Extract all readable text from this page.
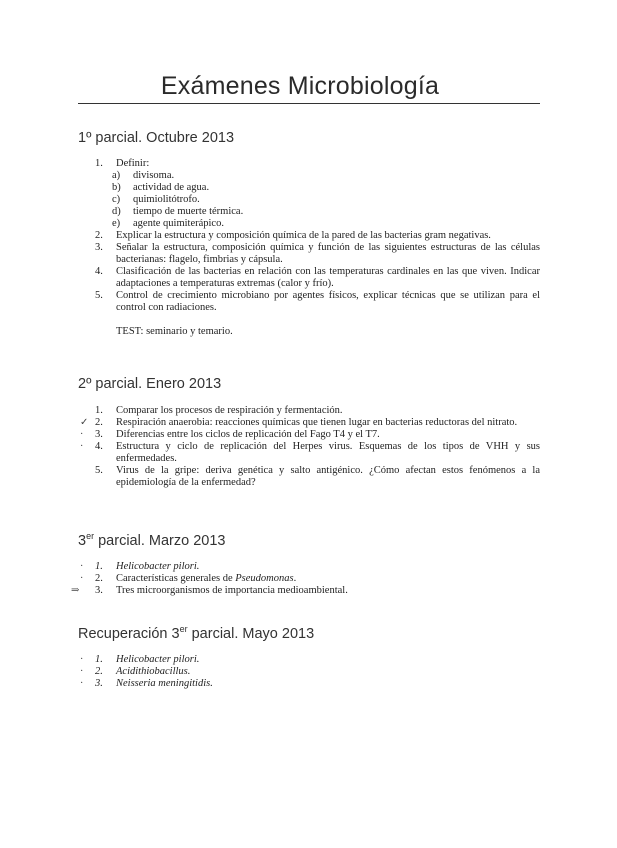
Exámenes Microbiología
1º parcial. Octubre 2013
1. Definir:
a) divisoma.
b) actividad de agua.
c) quimiolitótrofo.
d) tiempo de muerte térmica.
e) agente quimiterápico.
2. Explicar la estructura y composición química de la pared de las bacterias gram negativas.
3. Señalar la estructura, composición química y función de las siguientes estructuras de las células bacterianas: flagelo, fimbrias y cápsula.
4. Clasificación de las bacterias en relación con las temperaturas cardinales en las que viven. Indicar adaptaciones a temperaturas extremas (calor y frío).
5. Control de crecimiento microbiano por agentes físicos, explicar técnicas que se utilizan para el control con radiaciones.
TEST: seminario y temario.
2º parcial. Enero 2013
1. Comparar los procesos de respiración y fermentación.
✓ 2. Respiración anaerobia: reacciones químicas que tienen lugar en bacterias reductoras del nitrato.
· 3. Diferencias entre los ciclos de replicación del Fago T4 y el T7.
· 4. Estructura y ciclo de replicación del Herpes virus. Esquemas de los tipos de VHH y sus enfermedades.
5. Virus de la gripe: deriva genética y salto antigénico. ¿Cómo afectan estos fenómenos a la epidemiología de la enfermedad?
3er parcial. Marzo 2013
· 1. Helicobacter pilori.
· 2. Características generales de Pseudomonas.
⇒ 3. Tres microorganismos de importancia medioambiental.
Recuperación 3er parcial. Mayo 2013
· 1. Helicobacter pilori.
· 2. Acidithiobacillus.
· 3. Neisseria meningitidis.
